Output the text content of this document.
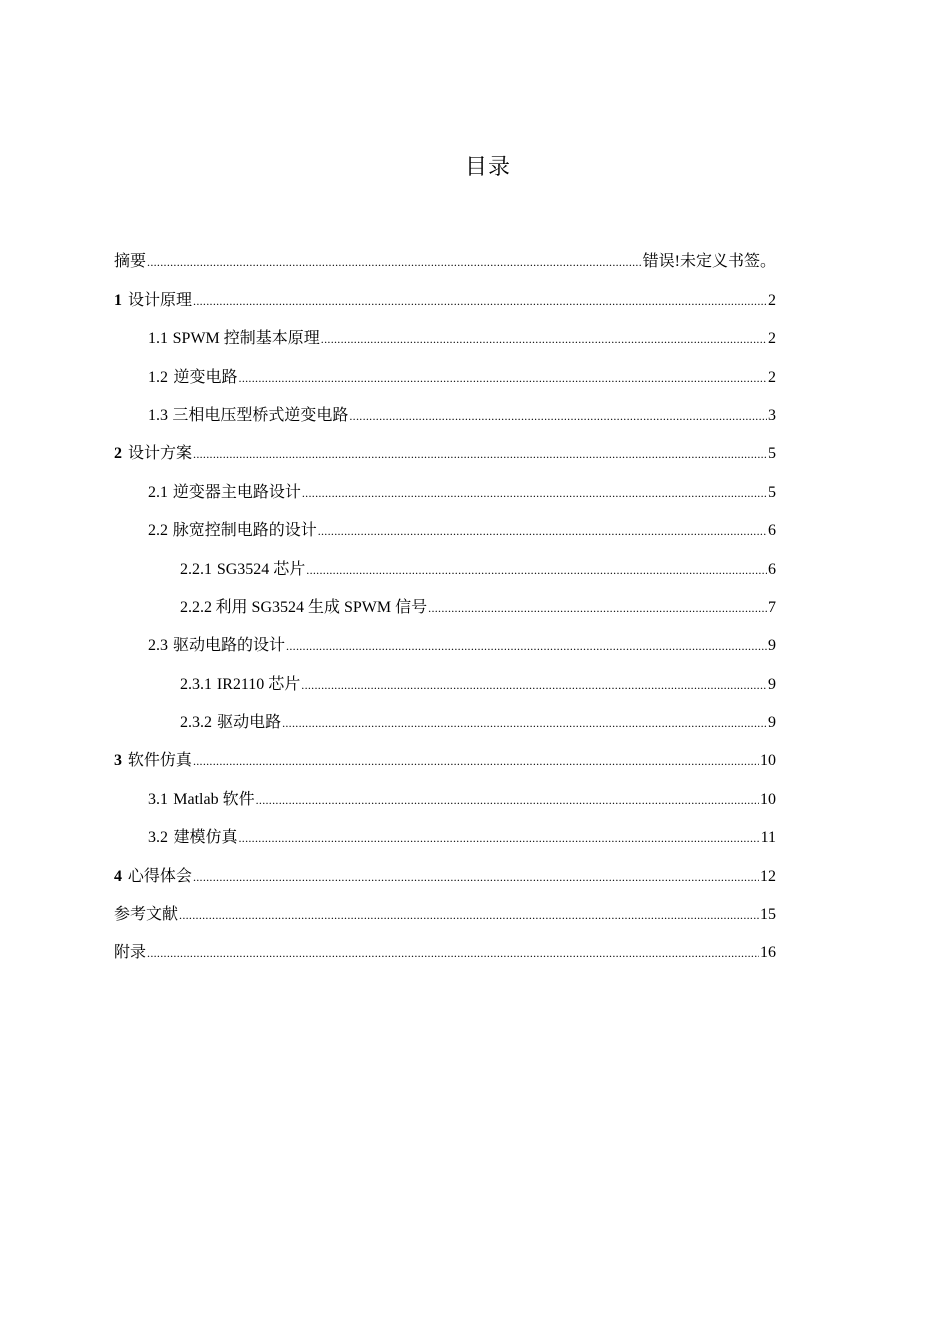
目录
摘要 .....	错误!未定义书签。
1 设计原理 .....	2
1.1 SPWM 控制基本原理 .....	2
1.2 逆变电路 .....	2
1.3 三相电压型桥式逆变电路 .....	3
2 设计方案 .....	5
2.1 逆变器主电路设计 .....	5
2.2 脉宽控制电路的设计 .....	6
2.2.1 SG3524 芯片 .....	6
2.2.2 利用 SG3524 生成 SPWM 信号 .....	7
2.3 驱动电路的设计 .....	9
2.3.1 IR2110 芯片 .....	9
2.3.2 驱动电路 .....	9
3 软件仿真 .....	10
3.1 Matlab 软件 .....	10
3.2 建模仿真 .....	11
4 心得体会 .....	12
参考文献 .....	15
附录 .....	16
